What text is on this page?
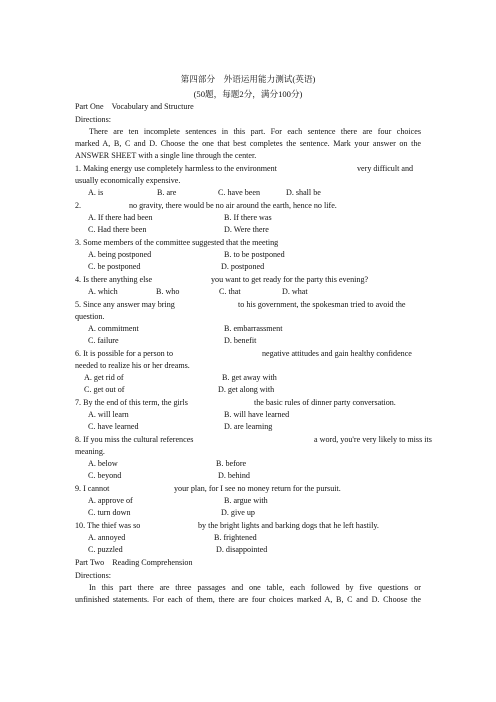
第四部分　外语运用能力测试(英语)
(50题，每题2分，满分100分)
Part One　Vocabulary and Structure
Directions:
There are ten incomplete sentences in this part. For each sentence there are four choices
marked A, B, C and D. Choose the one that best completes the sentence. Mark your answer on the
ANSWER SHEET with a single line through the center.
1. Making energy use completely harmless to the environment	very difficult and
usually economically expensive.
A. is	B. are	C. have been	D. shall be
2.	no gravity, there would be no air around the earth, hence no life.
A. If there had been	B. If there was
C. Had there been	D. Were there
3. Some members of the committee suggested that the meeting
A. being postponed	B. to be postponed
C. be postponed	D. postponed
4. Is there anything else	you want to get ready for the party this evening?
A. which	B. who	C. that	D. what
5. Since any answer may bring	to his government, the spokesman tried to avoid the
question.
A. commitment	B. embarrassment
C. failure	D. benefit
6. It is possible for a person to	negative attitudes and gain healthy confidence
needed to realize his or her dreams.
A. get rid of	B. get away with
C. get out of	D. get along with
7. By the end of this term, the girls	the basic rules of dinner party conversation.
A. will learn	B. will have learned
C. have learned	D. are learning
8. If you miss the cultural references	a word, you're very likely to miss its
meaning.
A. below	B. before
C. beyond	D. behind
9. I cannot	your plan, for I see no money return for the pursuit.
A. approve of	B. argue with
C. turn down	D. give up
10. The thief was so	by the bright lights and barking dogs that he left hastily.
A. annoyed	B. frightened
C. puzzled	D. disappointed
Part Two　Reading Comprehension
Directions:
In this part there are three passages and one table, each followed by five questions or
unfinished statements. For each of them, there are four choices marked A, B, C and D. Choose the
